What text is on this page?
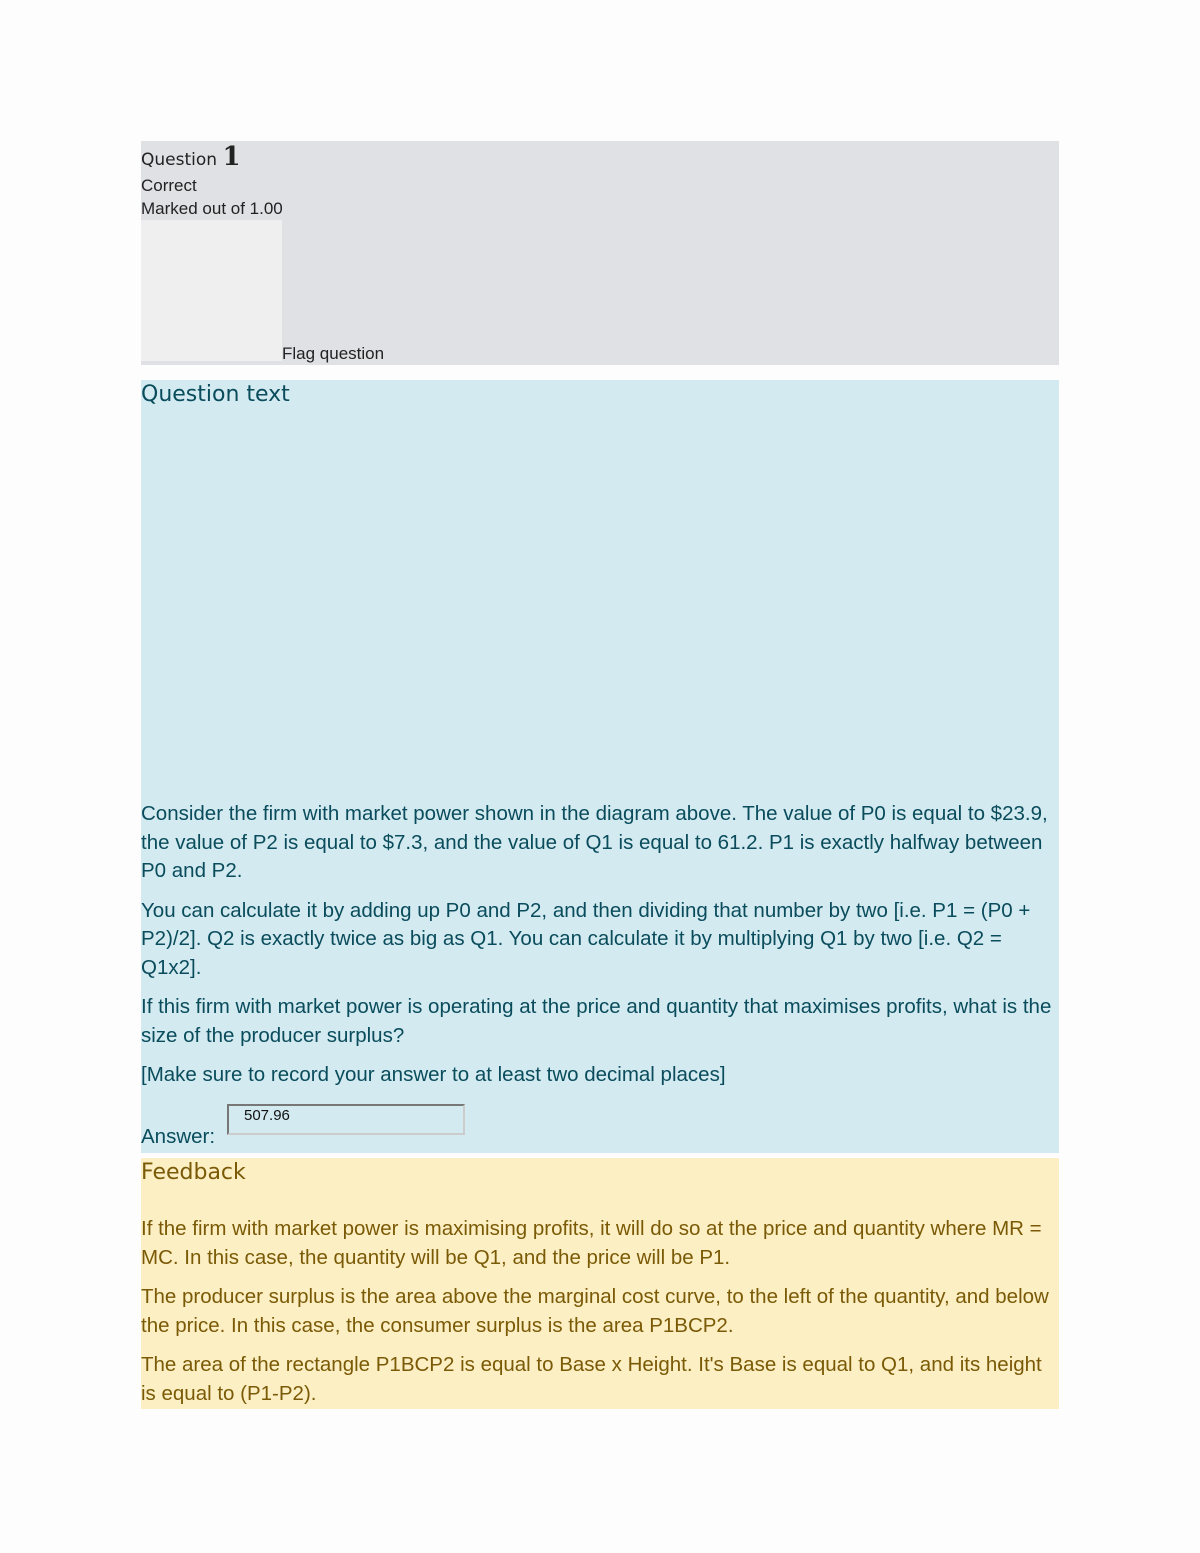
Question 1
Correct
Marked out of 1.00
Flag question
Question text

Consider the firm with market power shown in the diagram above. The value of P0 is equal to $23.9, the value of P2 is equal to $7.3, and the value of Q1 is equal to 61.2. P1 is exactly halfway between P0 and P2.

You can calculate it by adding up P0 and P2, and then dividing that number by two [i.e. P1 = (P0 + P2)/2]. Q2 is exactly twice as big as Q1. You can calculate it by multiplying Q1 by two [i.e. Q2 = Q1x2].

If this firm with market power is operating at the price and quantity that maximises profits, what is the size of the producer surplus?

[Make sure to record your answer to at least two decimal places]

Answer:
507.96
Feedback

If the firm with market power is maximising profits, it will do so at the price and quantity where MR = MC. In this case, the quantity will be Q1, and the price will be P1.

The producer surplus is the area above the marginal cost curve, to the left of the quantity, and below the price. In this case, the consumer surplus is the area P1BCP2.

The area of the rectangle P1BCP2 is equal to Base x Height. It's Base is equal to Q1, and its height is equal to (P1-P2).
